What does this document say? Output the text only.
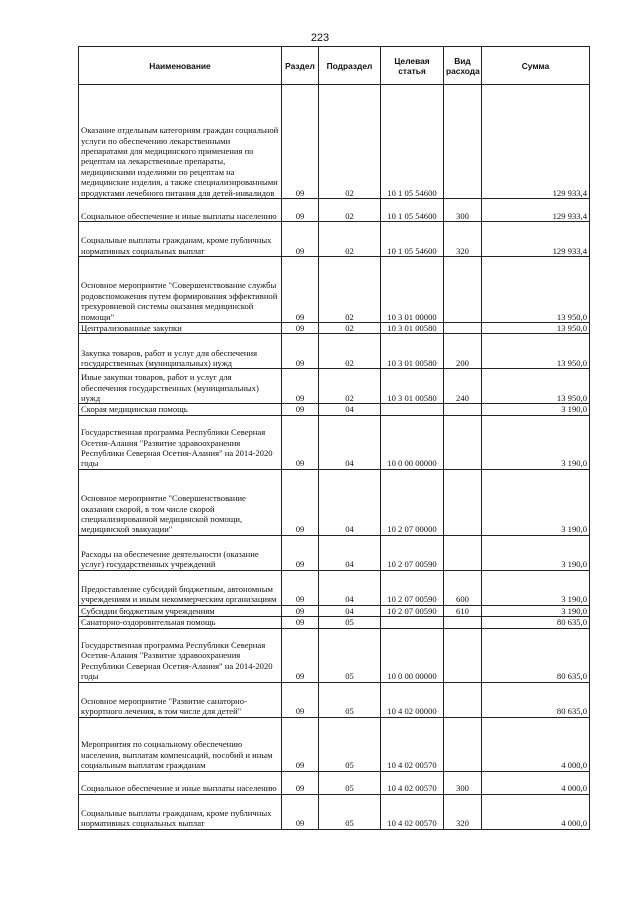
223
Наименование	Раздел	Подраздел	Целевая статья	Вид расхода	Сумма
Оказание отдельным категориям граждан социальной услуги по обеспечению лекарственными препаратами для медицинского применения по рецептам на лекарственные препараты, медицинскими изделиями по рецептам на медицинские изделия, а также специализированными продуктами лечебного питания для детей-инвалидов	09	02	10 1 05 54600		129 933,4
Социальное обеспечение и иные выплаты населению	09	02	10 1 05 54600	300	129 933,4
Социальные выплаты гражданам, кроме публичных нормативных социальных выплат	09	02	10 1 05 54600	320	129 933,4
Основное мероприятие "Совершенствование службы родовспоможения путем формирования эффективной трехуровневой системы оказания медицинской помощи"	09	02	10 3 01 00000		13 950,0
Централизованные закупки	09	02	10 3 01 00580		13 950,0
Закупка товаров, работ и услуг для обеспечения государственных (муниципальных) нужд	09	02	10 3 01 00580	200	13 950,0
Иные закупки товаров, работ и услуг для обеспечения государственных (муниципальных) нужд	09	02	10 3 01 00580	240	13 950,0
Скорая медицинская помощь	09	04			3 190,0
Государственная программа Республики Северная Осетия-Алания "Развитие здравоохранения Республики Северная Осетия-Алания" на 2014-2020 годы	09	04	10 0 00 00000		3 190,0
Основное мероприятие "Совершенствование оказания скорой, в том числе скорой специализированной медицинской помощи, медицинской эвакуации"	09	04	10 2 07 00000		3 190,0
Расходы на обеспечение деятельности (оказание услуг) государственных учреждений	09	04	10 2 07 00590		3 190,0
Предоставление субсидий бюджетным, автономным учреждениям и иным некоммерческим организациям	09	04	10 2 07 00590	600	3 190,0
Субсидии бюджетным учреждениям	09	04	10 2 07 00590	610	3 190,0
Санаторно-оздоровительная помощь	09	05			80 635,0
Государственная программа Республики Северная Осетия-Алания "Развитие здравоохранения Республики Северная Осетия-Алания" на 2014-2020 годы	09	05	10 0 00 00000		80 635,0
Основное мероприятие "Развитие санаторно-курортного лечения, в том числе для детей"	09	05	10 4 02 00000		80 635,0
Мероприятия по социальному обеспечению населения, выплатам компенсаций, пособий и иным социальным выплатам гражданам	09	05	10 4 02 00570		4 000,0
Социальное обеспечение и иные выплаты населению	09	05	10 4 02 00570	300	4 000,0
Социальные выплаты гражданам, кроме публичных нормативных социальных выплат	09	05	10 4 02 00570	320	4 000,0
